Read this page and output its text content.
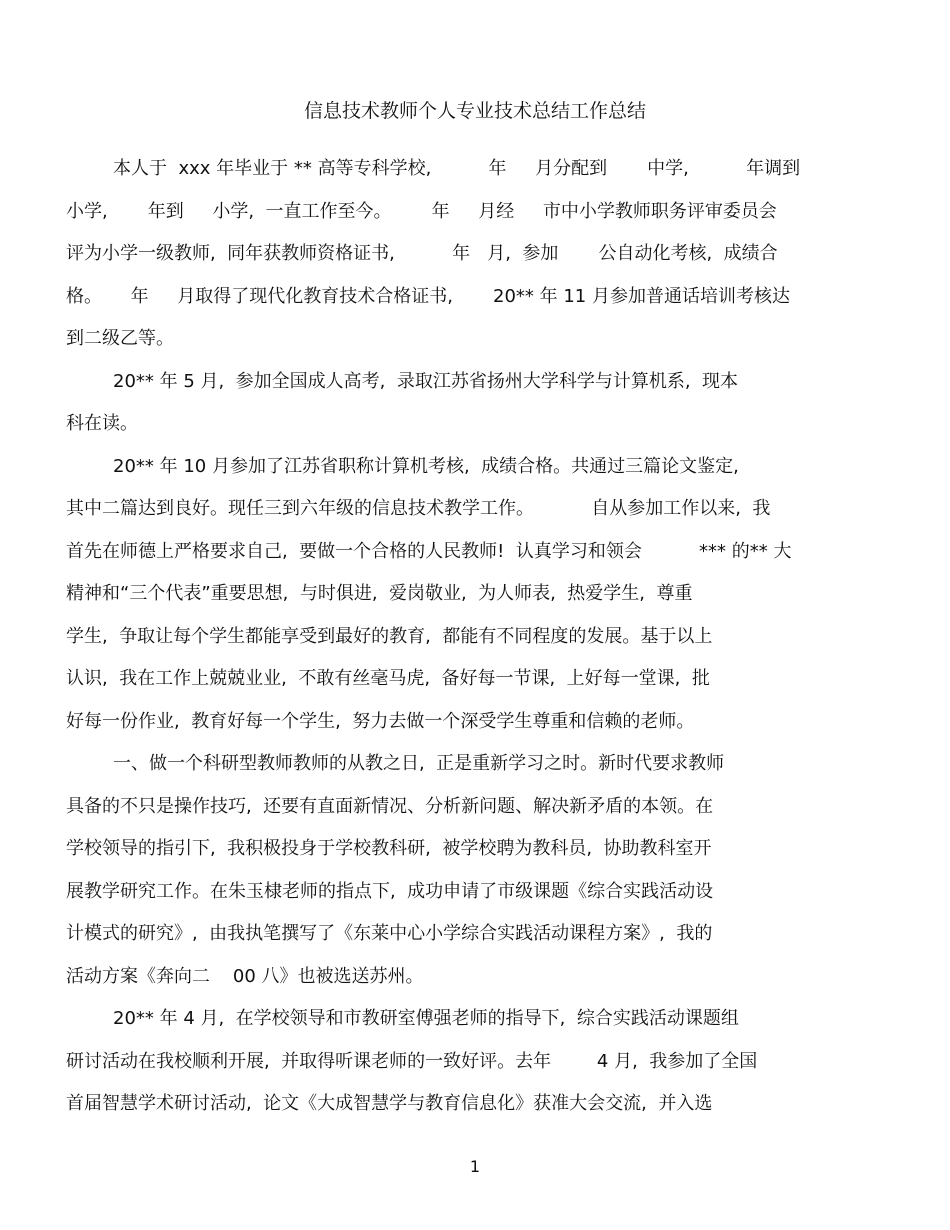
信息技术教师个人专业技术总结工作总结
本人于  xxx 年毕业于 ** 高等专科学校,          年     月分配到       中学,          年调到
小学,       年到     小学,  一直工作至今。       年     月经     市中小学教师职务评审委员会
评为小学一级教师,  同年获教师资格证书,          年   月,  参加       公自动化考核,  成绩合
格。     年     月取得了现代化教育技术合格证书,       20** 年 11 月参加普通话培训考核达
到二级乙等。
20** 年 5 月,  参加全国成人高考,  录取江苏省扬州大学科学与计算机系,  现本
科在读。
20** 年 10 月参加了江苏省职称计算机考核,  成绩合格。共通过三篇论文鉴定,
其中二篇达到良好。现任三到六年级的信息技术教学工作。          自从参加工作以来,  我
首先在师德上严格要求自己,  要做一个合格的人民教师!  认真学习和领会          *** 的** 大
精神和“三个代表”重要思想,  与时俱进,  爱岗敬业,  为人师表,  热爱学生,  尊重
学生,  争取让每个学生都能享受到最好的教育,  都能有不同程度的发展。基于以上
认识,  我在工作上兢兢业业,  不敢有丝毫马虎,  备好每一节课,  上好每一堂课,  批
好每一份作业,  教育好每一个学生,  努力去做一个深受学生尊重和信赖的老师。
一、做一个科研型教师教师的从教之日,  正是重新学习之时。新时代要求教师
具备的不只是操作技巧,  还要有直面新情况、分析新问题、解决新矛盾的本领。在
学校领导的指引下,  我积极投身于学校教科研,  被学校聘为教科员,  协助教科室开
展教学研究工作。在朱玉棣老师的指点下,  成功申请了市级课题《综合实践活动设
计模式的研究》,  由我执笔撰写了《东莱中心小学综合实践活动课程方案》,  我的
活动方案《奔向二    00 八》也被选送苏州。
20** 年 4 月,  在学校领导和市教研室傅强老师的指导下,  综合实践活动课题组
研讨活动在我校顺利开展,  并取得听课老师的一致好评。去年        4 月,  我参加了全国
首届智慧学术研讨活动,  论文《大成智慧学与教育信息化》获准大会交流,  并入选
1
